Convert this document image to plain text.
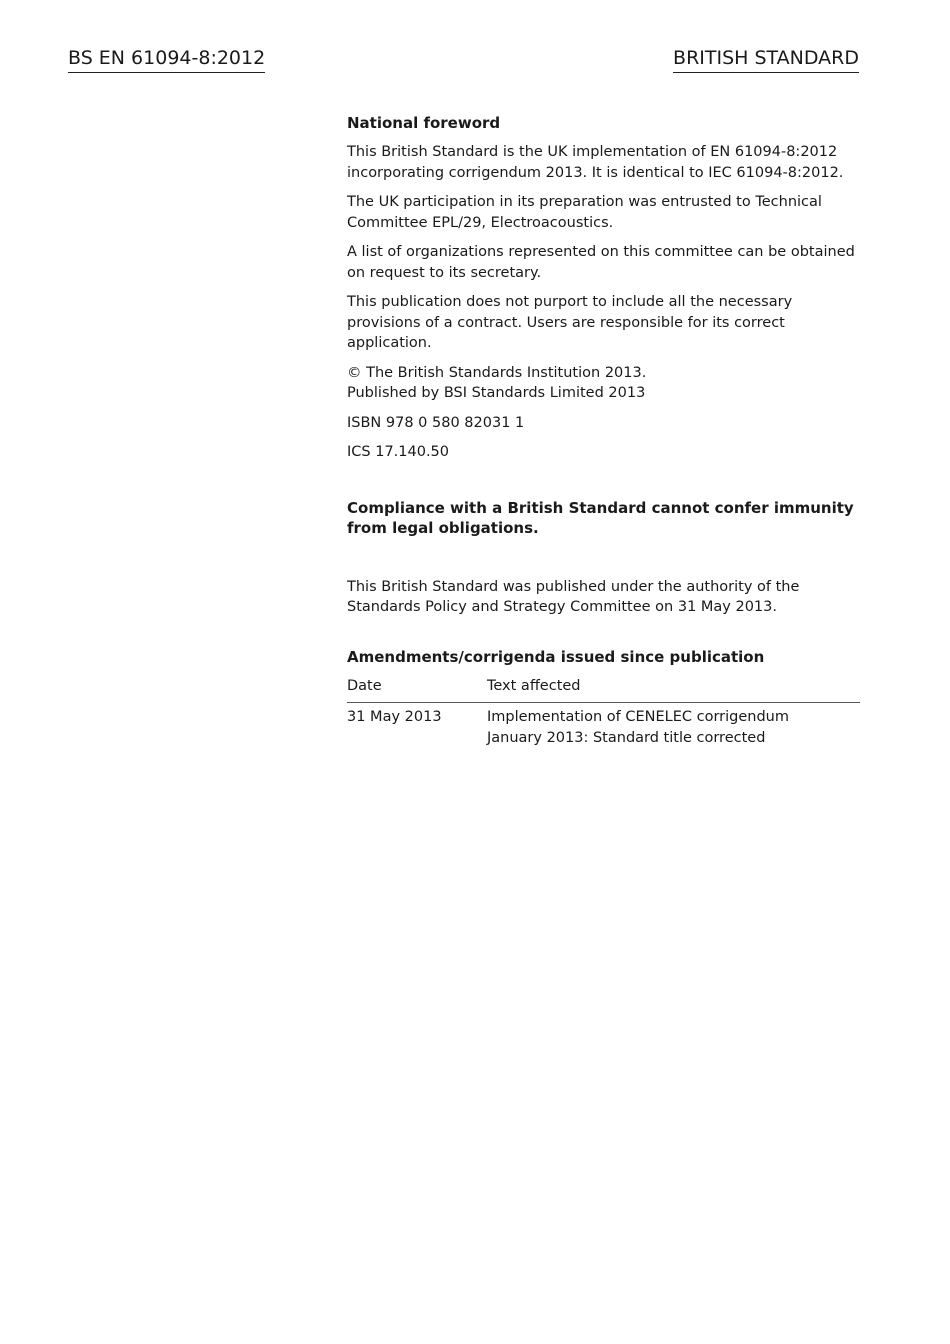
BS EN 61094-8:2012	BRITISH STANDARD
National foreword

This British Standard is the UK implementation of EN 61094-8:2012 incorporating corrigendum 2013. It is identical to IEC 61094-8:2012.

The UK participation in its preparation was entrusted to Technical Committee EPL/29, Electroacoustics.

A list of organizations represented on this committee can be obtained on request to its secretary.

This publication does not purport to include all the necessary provisions of a contract. Users are responsible for its correct application.

© The British Standards Institution 2013.
Published by BSI Standards Limited 2013

ISBN 978 0 580 82031 1

ICS 17.140.50

Compliance with a British Standard cannot confer immunity from legal obligations.

This British Standard was published under the authority of the Standards Policy and Strategy Committee on 31 May 2013.

Amendments/corrigenda issued since publication
Date	Text affected
31 May 2013	Implementation of CENELEC corrigendum
January 2013: Standard title corrected
